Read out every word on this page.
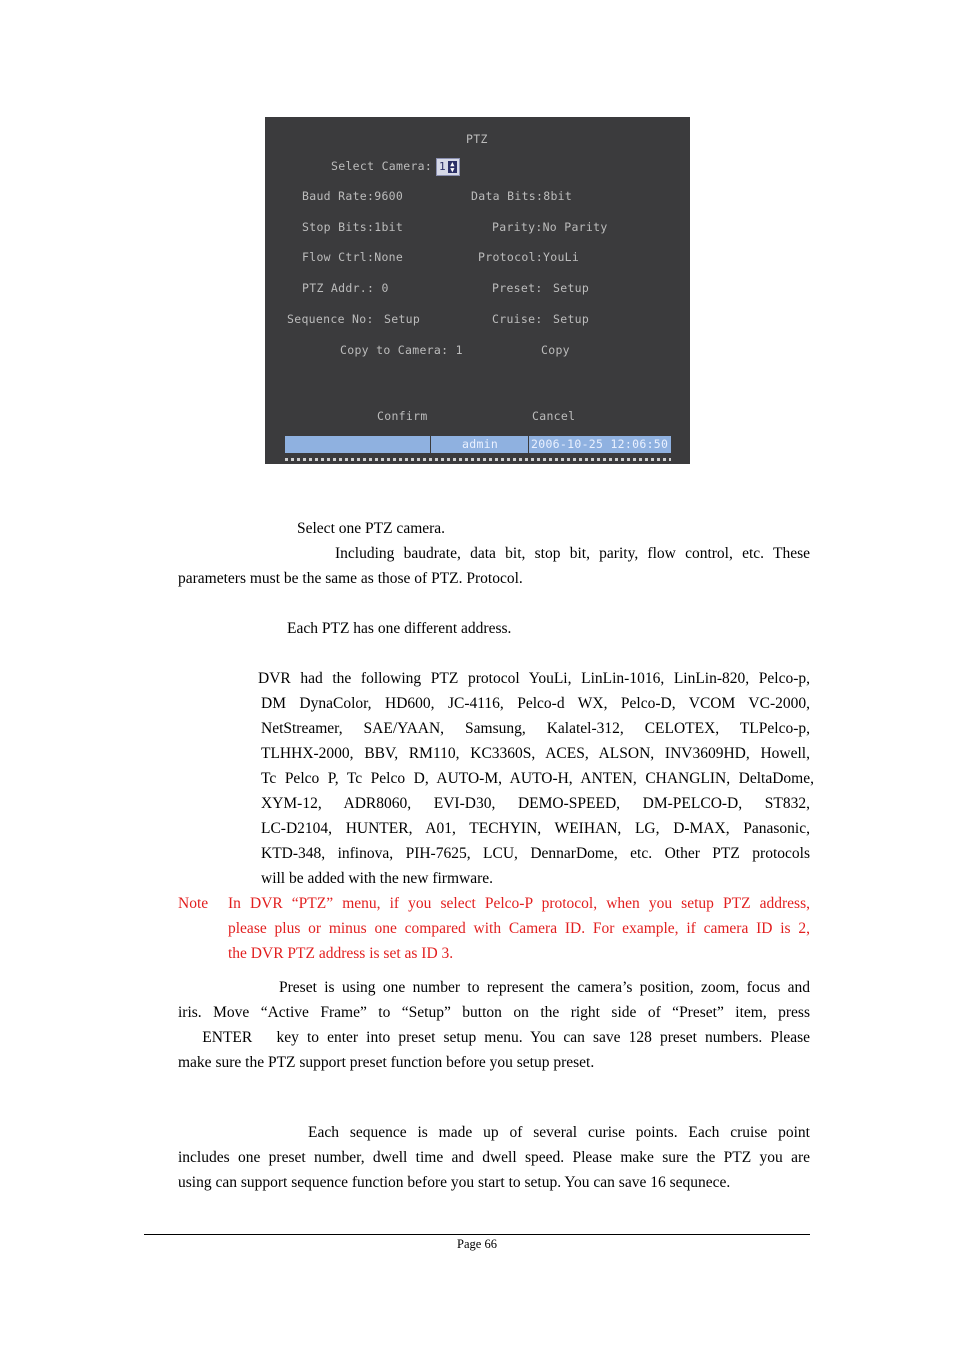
PTZ
Select Camera: 1 ▲
▼
Baud Rate:9600	Data Bits:8bit
Stop Bits:1bit	Parity:No Parity
Flow Ctrl:None	Protocol:YouLi
PTZ Addr.: 0	Preset: Setup
Sequence No: Setup	Cruise: Setup
Copy to Camera: 1	Copy
Confirm	Cancel
admin	2006-10-25 12:06:50
Select one PTZ camera.
Including baudrate, data bit, stop bit, parity, flow control, etc. These
parameters must be the same as those of PTZ. Protocol.
Each PTZ has one different address.
DVR had the following PTZ protocol YouLi, LinLin-1016, LinLin-820, Pelco-p,
DM DynaColor, HD600, JC-4116, Pelco-d WX, Pelco-D, VCOM VC-2000,
NetStreamer, SAE/YAAN, Samsung, Kalatel-312, CELOTEX, TLPelco-p,
TLHHX-2000, BBV, RM110, KC3360S, ACES, ALSON, INV3609HD, Howell,
Tc Pelco P, Tc Pelco D, AUTO-M, AUTO-H, ANTEN, CHANGLIN, DeltaDome,
XYM-12, ADR8060, EVI-D30, DEMO-SPEED, DM-PELCO-D, ST832,
LC-D2104, HUNTER, A01, TECHYIN, WEIHAN, LG, D-MAX, Panasonic,
KTD-348, infinova, PIH-7625, LCU, DennarDome, etc. Other PTZ protocols
will be added with the new firmware.
Note In DVR “PTZ” menu, if you select Pelco-P protocol, when you setup PTZ address,
please plus or minus one compared with Camera ID. For example, if camera ID is 2,
the DVR PTZ address is set as ID 3.
Preset is using one number to represent the camera’s position, zoom, focus and
iris. Move “Active Frame” to “Setup” button on the right side of “Preset” item, press
ENTER   key to enter into preset setup menu. You can save 128 preset numbers. Please
make sure the PTZ support preset function before you setup preset.
Each sequence is made up of several curise points. Each cruise point
includes one preset number, dwell time and dwell speed. Please make sure the PTZ you are
using can support sequence function before you start to setup. You can save 16 sequnece.
Page 66
